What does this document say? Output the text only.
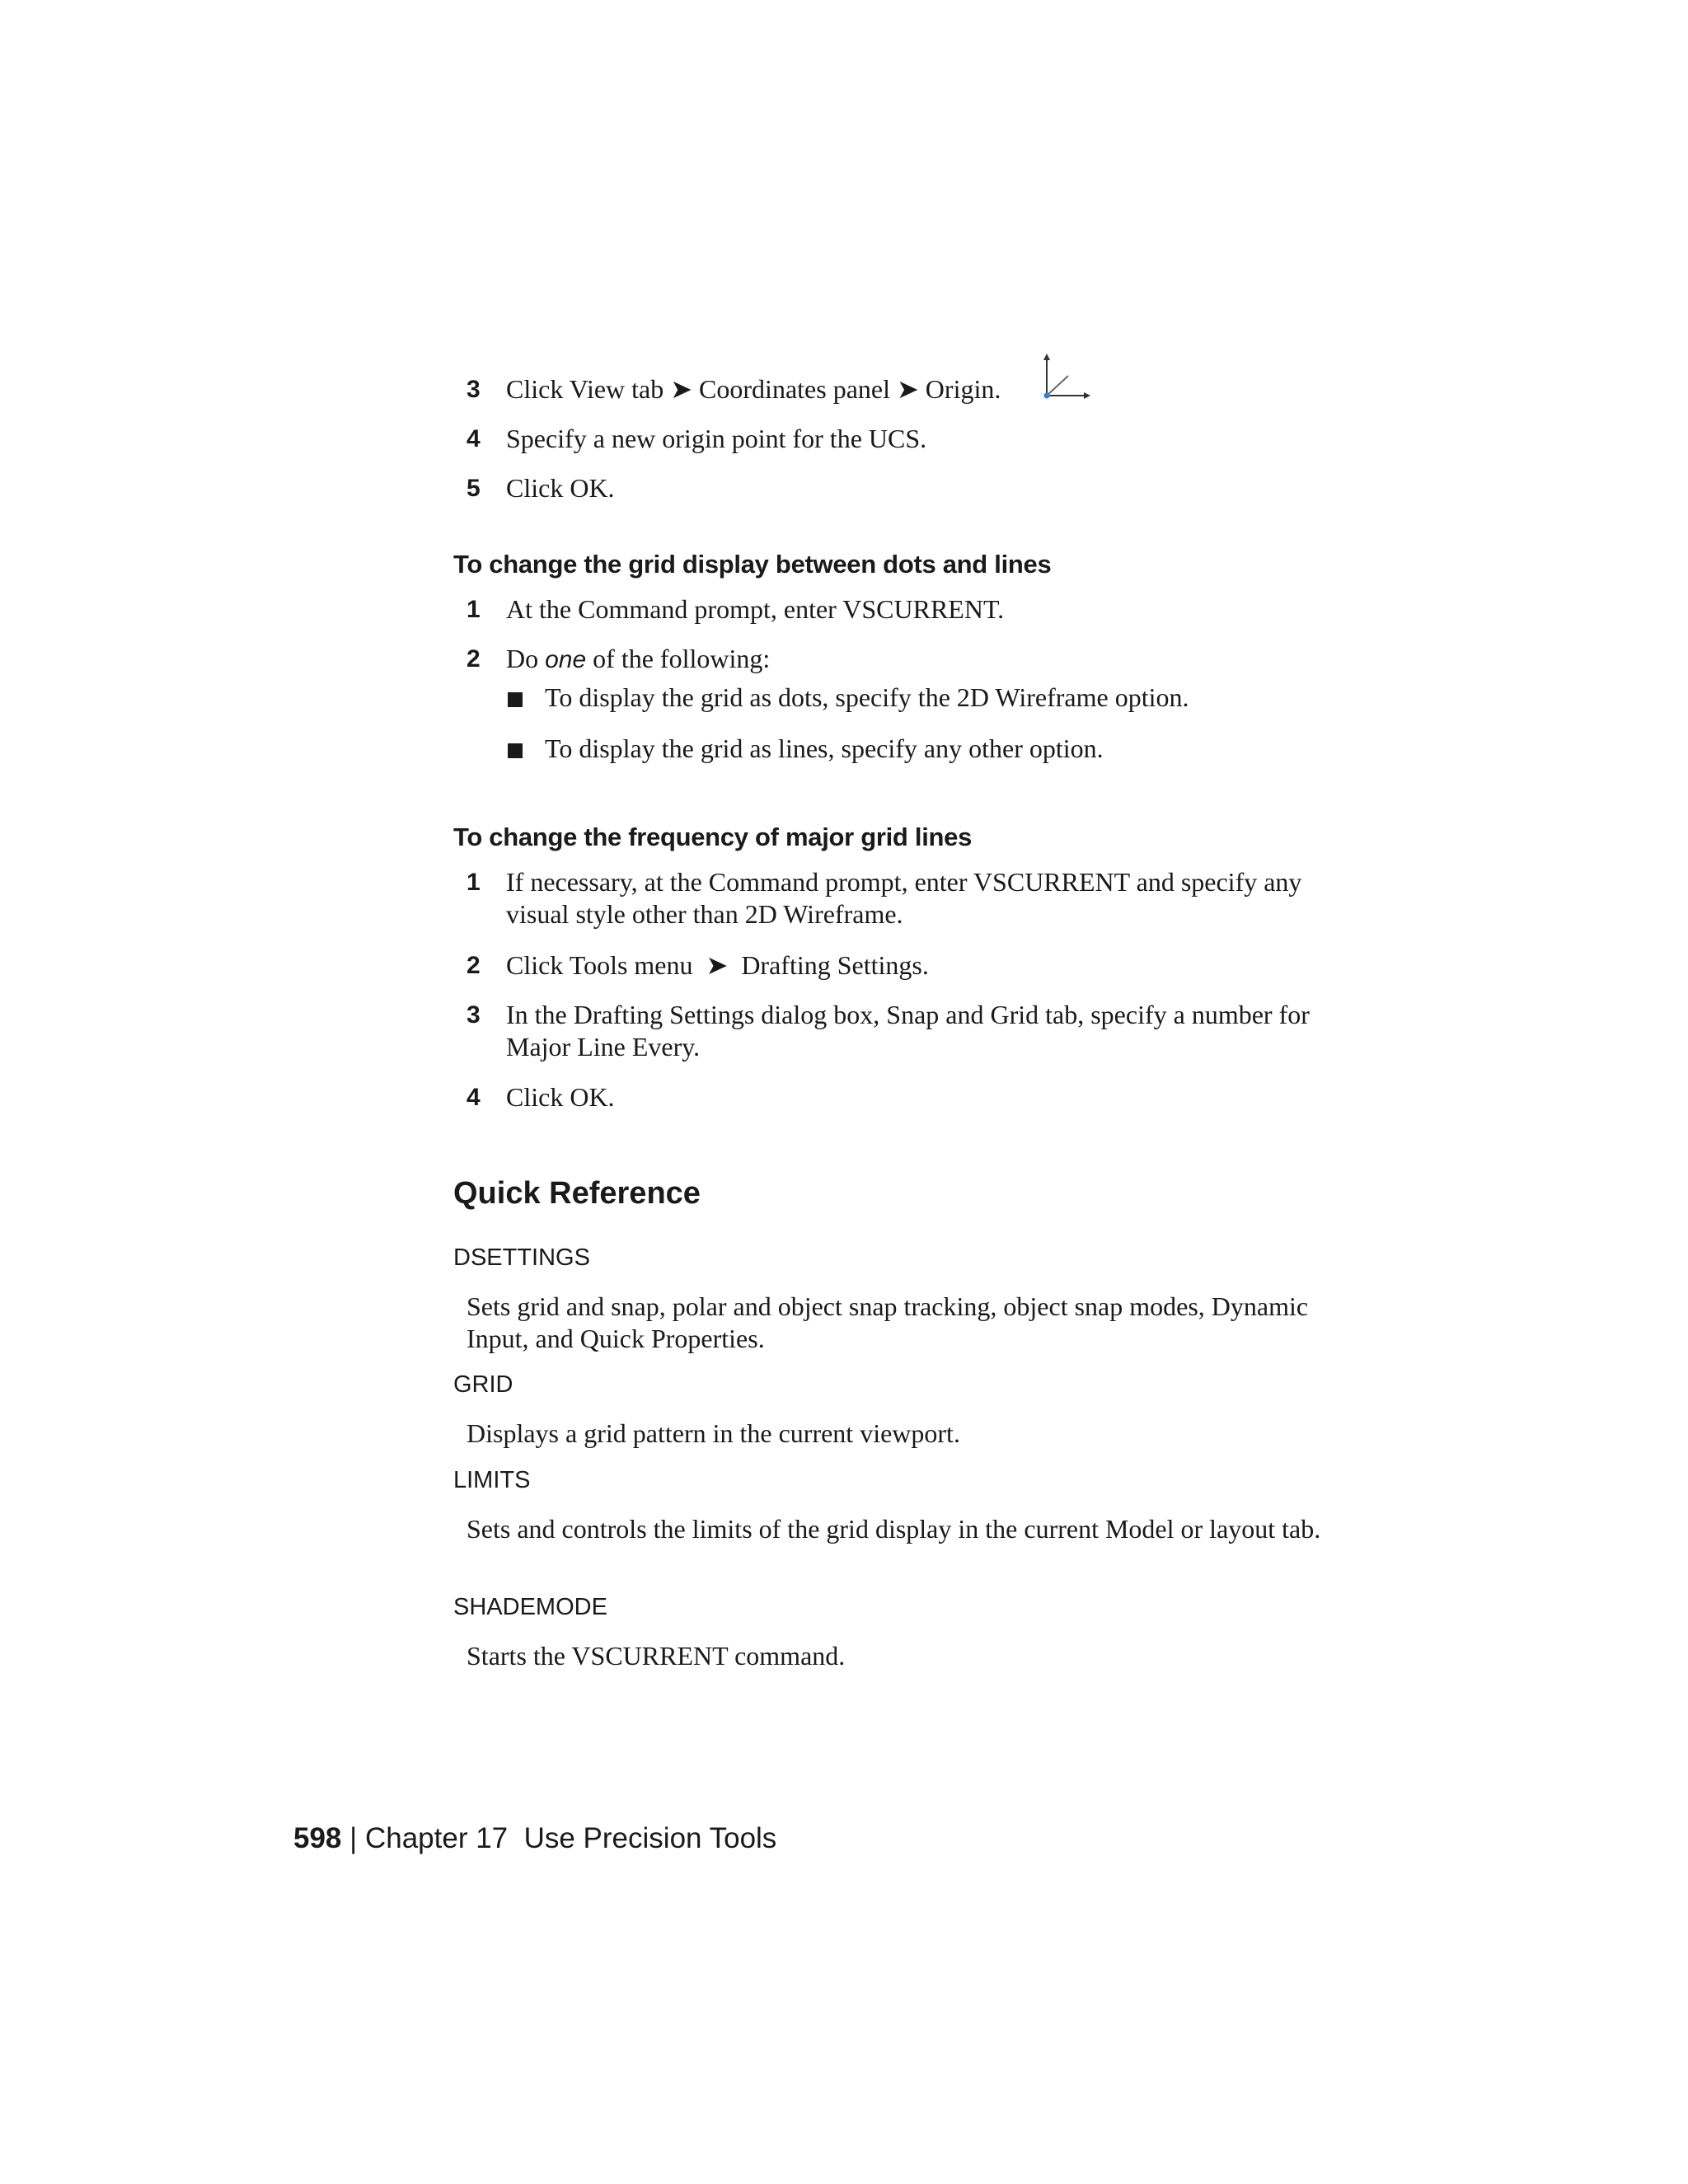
3 Click View tab ➤ Coordinates panel ➤ Origin.
4 Specify a new origin point for the UCS.
5 Click OK.
To change the grid display between dots and lines
1 At the Command prompt, enter VSCURRENT.
2 Do one of the following:
To display the grid as dots, specify the 2D Wireframe option.
To display the grid as lines, specify any other option.
To change the frequency of major grid lines
1 If necessary, at the Command prompt, enter VSCURRENT and specify any visual style other than 2D Wireframe.
2 Click Tools menu  ➤  Drafting Settings.
3 In the Drafting Settings dialog box, Snap and Grid tab, specify a number for Major Line Every.
4 Click OK.
Quick Reference
DSETTINGS
Sets grid and snap, polar and object snap tracking, object snap modes, Dynamic Input, and Quick Properties.
GRID
Displays a grid pattern in the current viewport.
LIMITS
Sets and controls the limits of the grid display in the current Model or layout tab.
SHADEMODE
Starts the VSCURRENT command.
598 | Chapter 17 Use Precision Tools
